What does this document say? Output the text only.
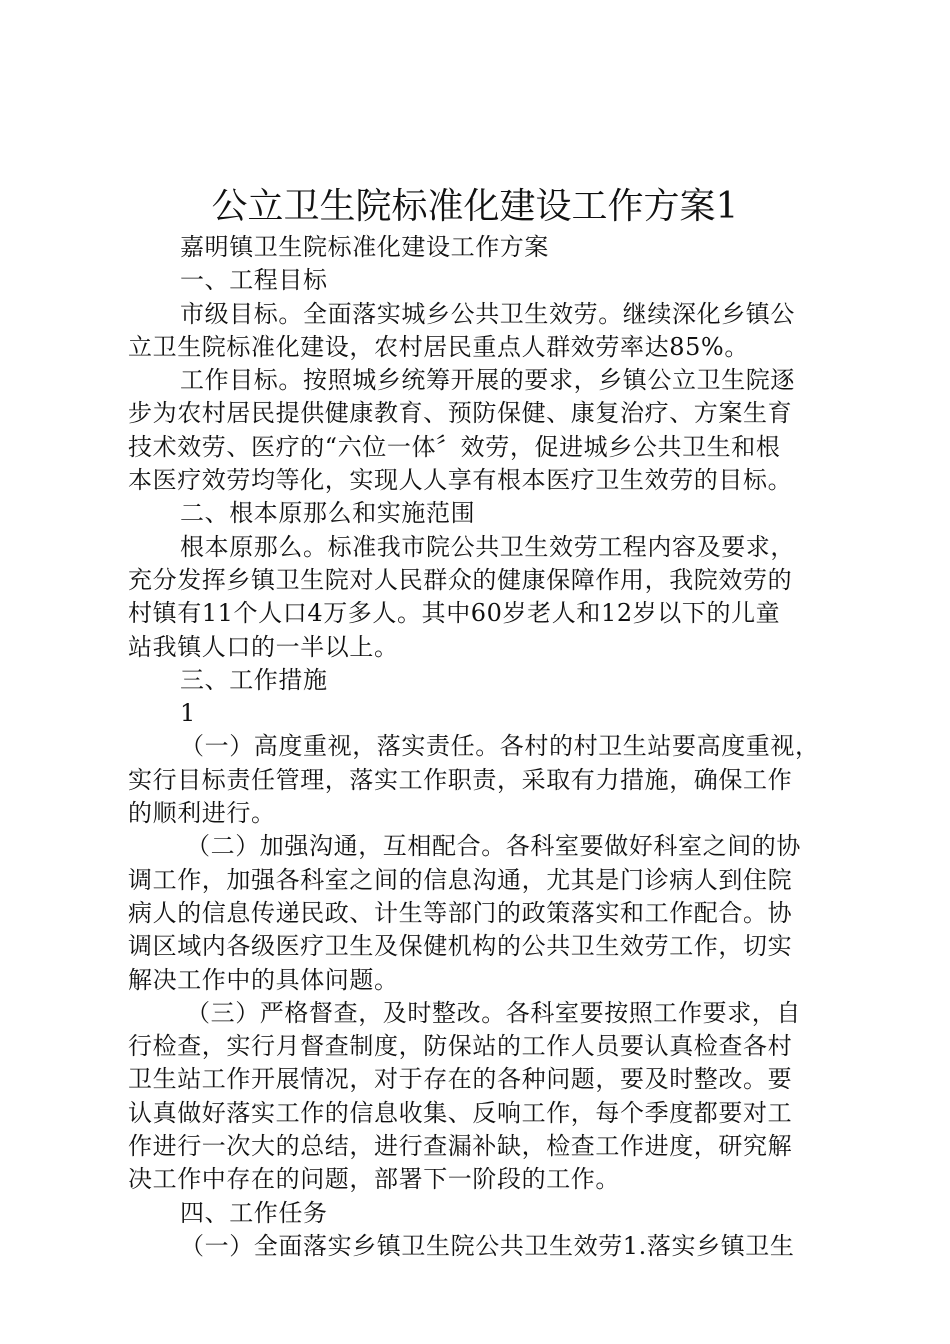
公立卫生院标准化建设工作方案1
嘉明镇卫生院标准化建设工作方案
一、工程目标
市级目标。全面落实城乡公共卫生效劳。继续深化乡镇公
立卫生院标准化建设，农村居民重点人群效劳率达85%。
工作目标。按照城乡统筹开展的要求，乡镇公立卫生院逐
步为农村居民提供健康教育、预防保健、康复治疗、方案生育
技术效劳、医疗的“六位一体〞效劳，促进城乡公共卫生和根
本医疗效劳均等化，实现人人享有根本医疗卫生效劳的目标。
二、根本原那么和实施范围
根本原那么。标准我市院公共卫生效劳工程内容及要求，
充分发挥乡镇卫生院对人民群众的健康保障作用，我院效劳的
村镇有11个人口4万多人。其中60岁老人和12岁以下的儿童
站我镇人口的一半以上。
三、工作措施
1
（一）高度重视，落实责任。各村的村卫生站要高度重视，
实行目标责任管理，落实工作职责，采取有力措施，确保工作
的顺利进行。
（二）加强沟通，互相配合。各科室要做好科室之间的协
调工作，加强各科室之间的信息沟通，尤其是门诊病人到住院
病人的信息传递民政、计生等部门的政策落实和工作配合。协
调区域内各级医疗卫生及保健机构的公共卫生效劳工作，切实
解决工作中的具体问题。
（三）严格督查，及时整改。各科室要按照工作要求，自
行检查，实行月督查制度，防保站的工作人员要认真检查各村
卫生站工作开展情况，对于存在的各种问题，要及时整改。要
认真做好落实工作的信息收集、反响工作，每个季度都要对工
作进行一次大的总结，进行查漏补缺，检查工作进度，研究解
决工作中存在的问题，部署下一阶段的工作。
四、工作任务
（一）全面落实乡镇卫生院公共卫生效劳1.落实乡镇卫生
